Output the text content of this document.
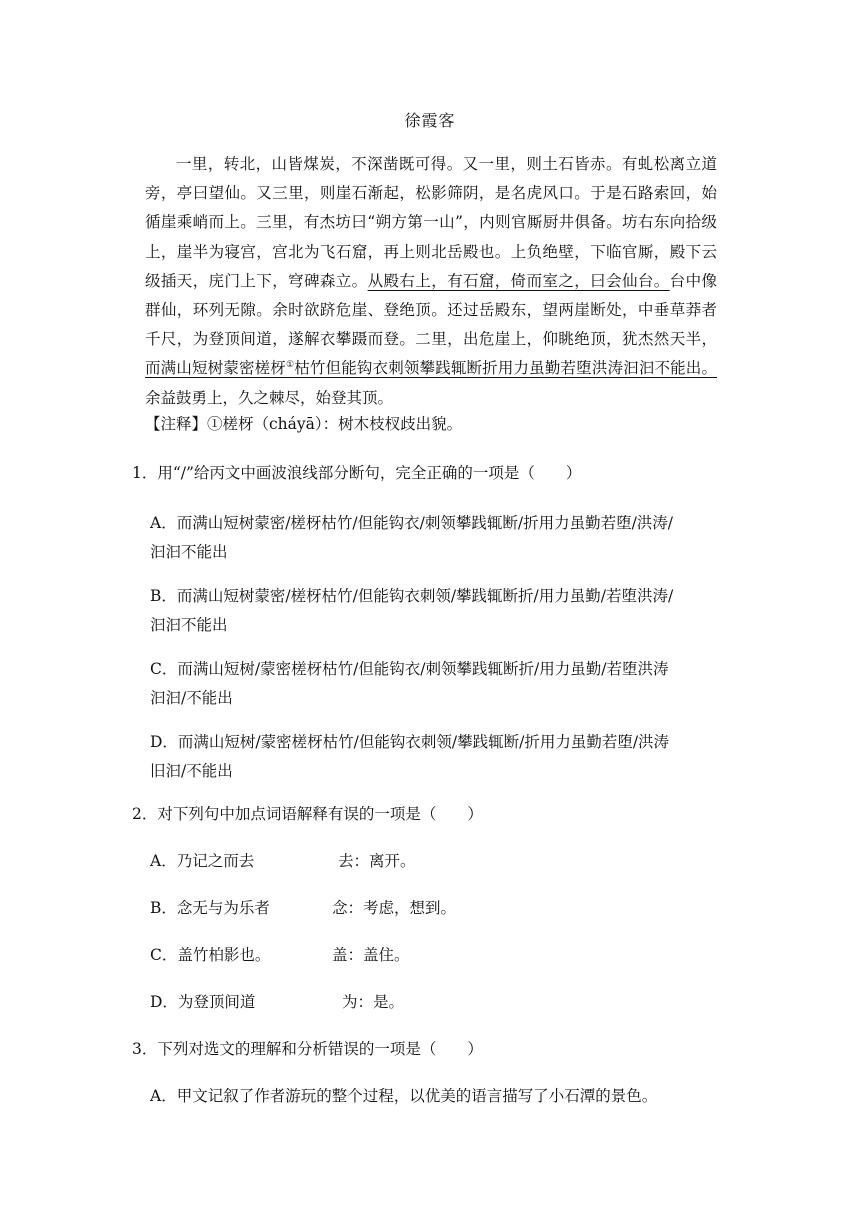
徐霞客

一里，转北，山皆煤炭，不深凿既可得。又一里，则土石皆赤。有虬松离立道旁，亭曰望仙。又三里，则崖石渐起，松影筛阴，是名虎风口。于是石路索回，始循崖乘峭而上。三里，有杰坊曰“朔方第一山”，内则官厮厨井俱备。坊右东向拾级上，崖半为寝宫，宫北为飞石窟，再上则北岳殿也。上负绝壁，下临官厮，殿下云级插天，庑门上下，穹碑森立。从殿右上，有石窟，倚而室之，曰会仙台。台中像群仙，环列无隙。余时欲跻危崖、登绝顶。还过岳殿东，望两崖断处，中垂草莽者千尺，为登顶间道，遂解衣攀蹑而登。二里，出危崖上，仰眺绝顶，犹杰然天半，而满山短树蒙密槎枒①枯竹但能钩衣刺领攀践辄断折用力虽勤若堕洪涛汩汩不能出。余益鼓勇上，久之棘尽，始登其顶。

【注释】①槎枒（cháyā）：树木枝杈歧出貌。
1．用“/”给丙文中画波浪线部分断句，完全正确的一项是（　　）
A．而满山短树蒙密/槎枒枯竹/但能钩衣/刺领攀践辄断/折用力虽勤若堕/洪涛/
汩汩不能出
B．而满山短树蒙密/槎枒枯竹/但能钩衣刺领/攀践辄断折/用力虽勤/若堕洪涛/
汩汩不能出
C．而满山短树/蒙密槎枒枯竹/但能钩衣/刺领攀践辄断折/用力虽勤/若堕洪涛
汩汩/不能出
D．而满山短树/蒙密槎枒枯竹/但能钩衣刺领/攀践辄断/折用力虽勤若堕/洪涛
旧汩/不能出
2．对下列句中加点词语解释有误的一项是（　　）
A．乃记之而去	去：离开。
B．念无与为乐者	念：考虑，想到。
C．盖竹柏影也。	盖：盖住。
D．为登顶间道	为：是。
3．下列对选文的理解和分析错误的一项是（　　）
A．甲文记叙了作者游玩的整个过程，以优美的语言描写了小石潭的景色。
